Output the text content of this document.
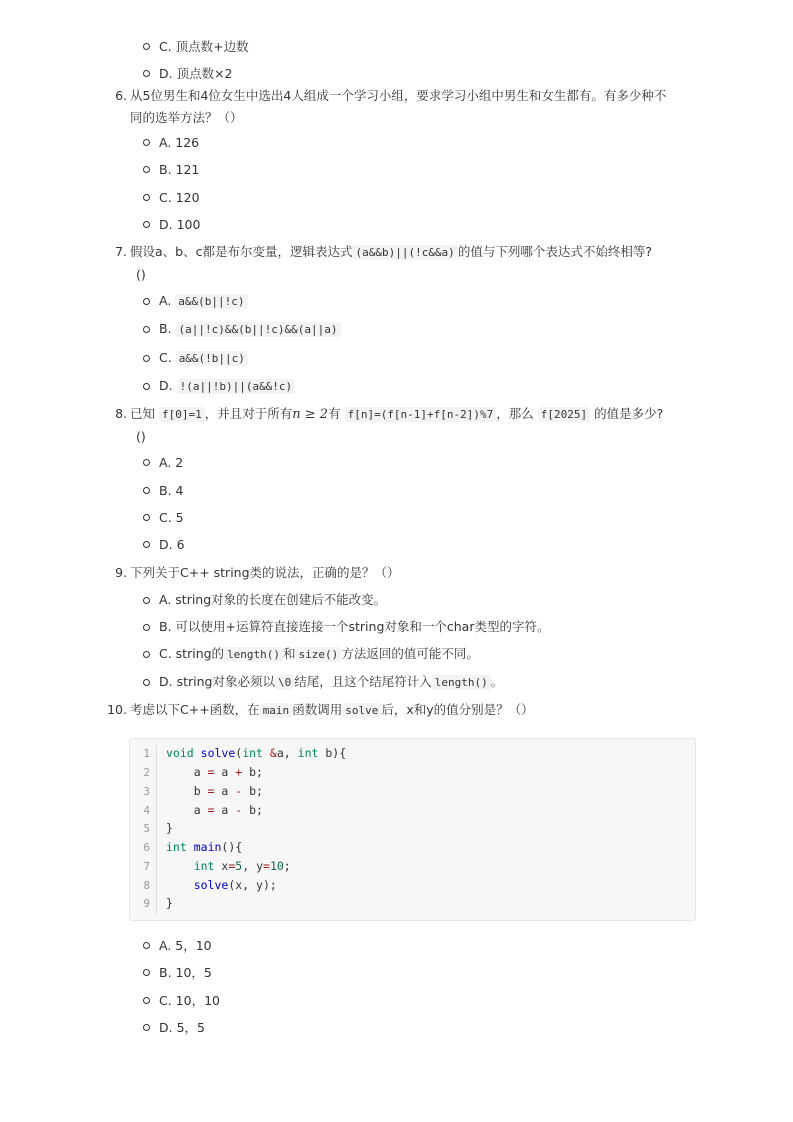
C. 顶点数+边数
D. 顶点数×2
6. 从5位男生和4位女生中选出4人组成一个学习小组，要求学习小组中男生和女生都有。有多少种不
同的选举方法？（）
A. 126
B. 121
C. 120
D. 100
7. 假设a、b、c都是布尔变量，逻辑表达式 (a&&b)||(!c&&a) 的值与下列哪个表达式不始终相等?
()
A. a&&(b||!c)
B. (a||!c)&&(b||!c)&&(a||a)
C. a&&(!b||c)
D. !(a||!b)||(a&&!c)
8. 已知 f[0]=1 ，并且对于所有n ≥ 2有 f[n]=(f[n-1]+f[n-2])%7 ，那么 f[2025] 的值是多少?
()
A. 2
B. 4
C. 5
D. 6
9. 下列关于C++ string类的说法，正确的是？（）
A. string对象的长度在创建后不能改变。
B. 可以使用+运算符直接连接一个string对象和一个char类型的字符。
C. string的 length() 和 size() 方法返回的值可能不同。
D. string对象必须以 \0 结尾，且这个结尾符计入 length() 。
10. 考虑以下C++函数，在 main 函数调用 solve 后，x和y的值分别是？（）
1
2
3
4
5
6
7
8
9
void solve(int &a, int b){
a = a + b;
b = a - b;
a = a - b;
}
int main(){
int x=5, y=10;
solve(x, y);
}
A. 5，10
B. 10，5
C. 10，10
D. 5，5
